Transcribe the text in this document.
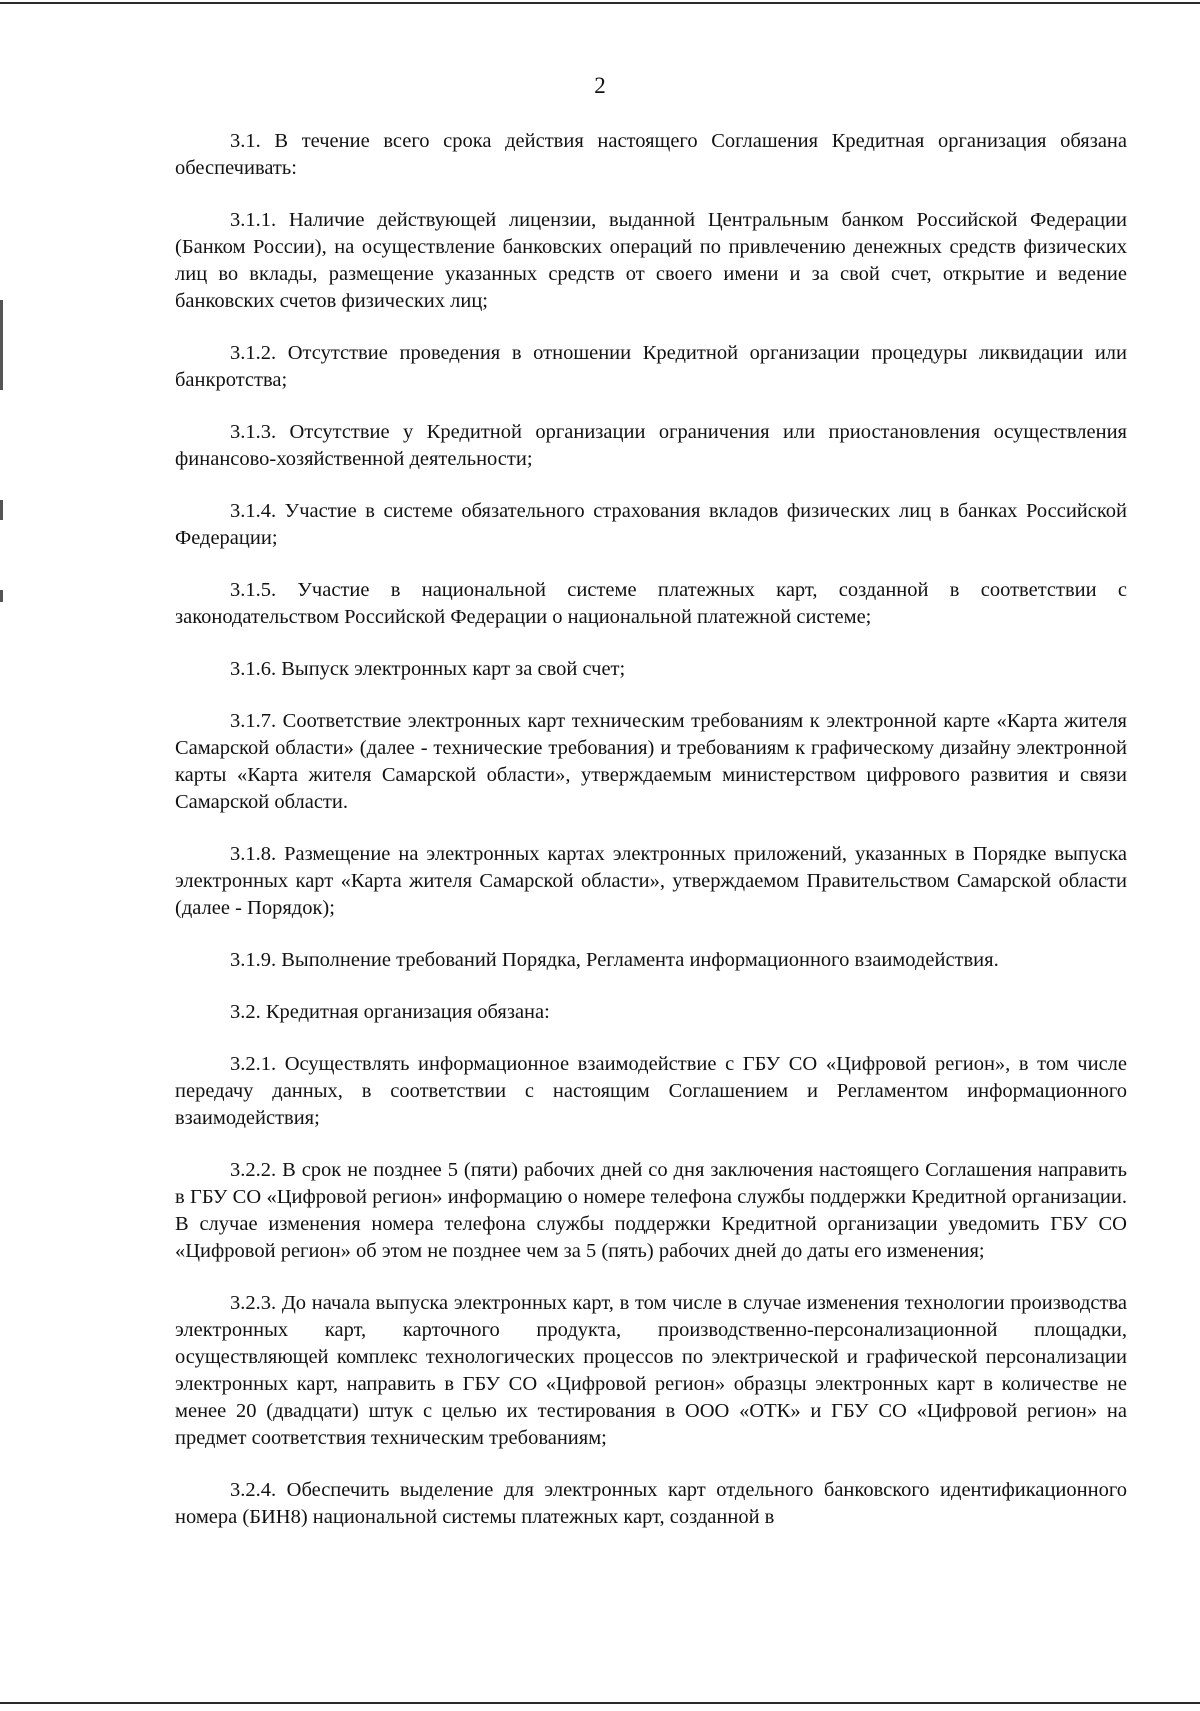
2

3.1. В течение всего срока действия настоящего Соглашения Кредитная организация обязана обеспечивать:

3.1.1. Наличие действующей лицензии, выданной Центральным банком Российской Федерации (Банком России), на осуществление банковских операций по привлечению денежных средств физических лиц во вклады, размещение указанных средств от своего имени и за свой счет, открытие и ведение банковских счетов физических лиц;

3.1.2. Отсутствие проведения в отношении Кредитной организации процедуры ликвидации или банкротства;

3.1.3. Отсутствие у Кредитной организации ограничения или приостановления осуществления финансово-хозяйственной деятельности;

3.1.4. Участие в системе обязательного страхования вкладов физических лиц в банках Российской Федерации;

3.1.5. Участие в национальной системе платежных карт, созданной в соответствии с законодательством Российской Федерации о национальной платежной системе;

3.1.6. Выпуск электронных карт за свой счет;

3.1.7. Соответствие электронных карт техническим требованиям к электронной карте «Карта жителя Самарской области» (далее - технические требования) и требованиям к графическому дизайну электронной карты «Карта жителя Самарской области», утверждаемым министерством цифрового развития и связи Самарской области.

3.1.8. Размещение на электронных картах электронных приложений, указанных в Порядке выпуска электронных карт «Карта жителя Самарской области», утверждаемом Правительством Самарской области (далее - Порядок);

3.1.9. Выполнение требований Порядка, Регламента информационного взаимодействия.

3.2. Кредитная организация обязана:

3.2.1. Осуществлять информационное взаимодействие с ГБУ СО «Цифровой регион», в том числе передачу данных, в соответствии с настоящим Соглашением и Регламентом информационного взаимодействия;

3.2.2. В срок не позднее 5 (пяти) рабочих дней со дня заключения настоящего Соглашения направить в ГБУ СО «Цифровой регион» информацию о номере телефона службы поддержки Кредитной организации. В случае изменения номера телефона службы поддержки Кредитной организации уведомить ГБУ СО «Цифровой регион» об этом не позднее чем за 5 (пять) рабочих дней до даты его изменения;

3.2.3. До начала выпуска электронных карт, в том числе в случае изменения технологии производства электронных карт, карточного продукта, производственно-персонализационной площадки, осуществляющей комплекс технологических процессов по электрической и графической персонализации электронных карт, направить в ГБУ СО «Цифровой регион» образцы электронных карт в количестве не менее 20 (двадцати) штук с целью их тестирования в ООО «ОТК» и ГБУ СО «Цифровой регион» на предмет соответствия техническим требованиям;

3.2.4. Обеспечить выделение для электронных карт отдельного банковского идентификационного номера (БИН8) национальной системы платежных карт, созданной в
